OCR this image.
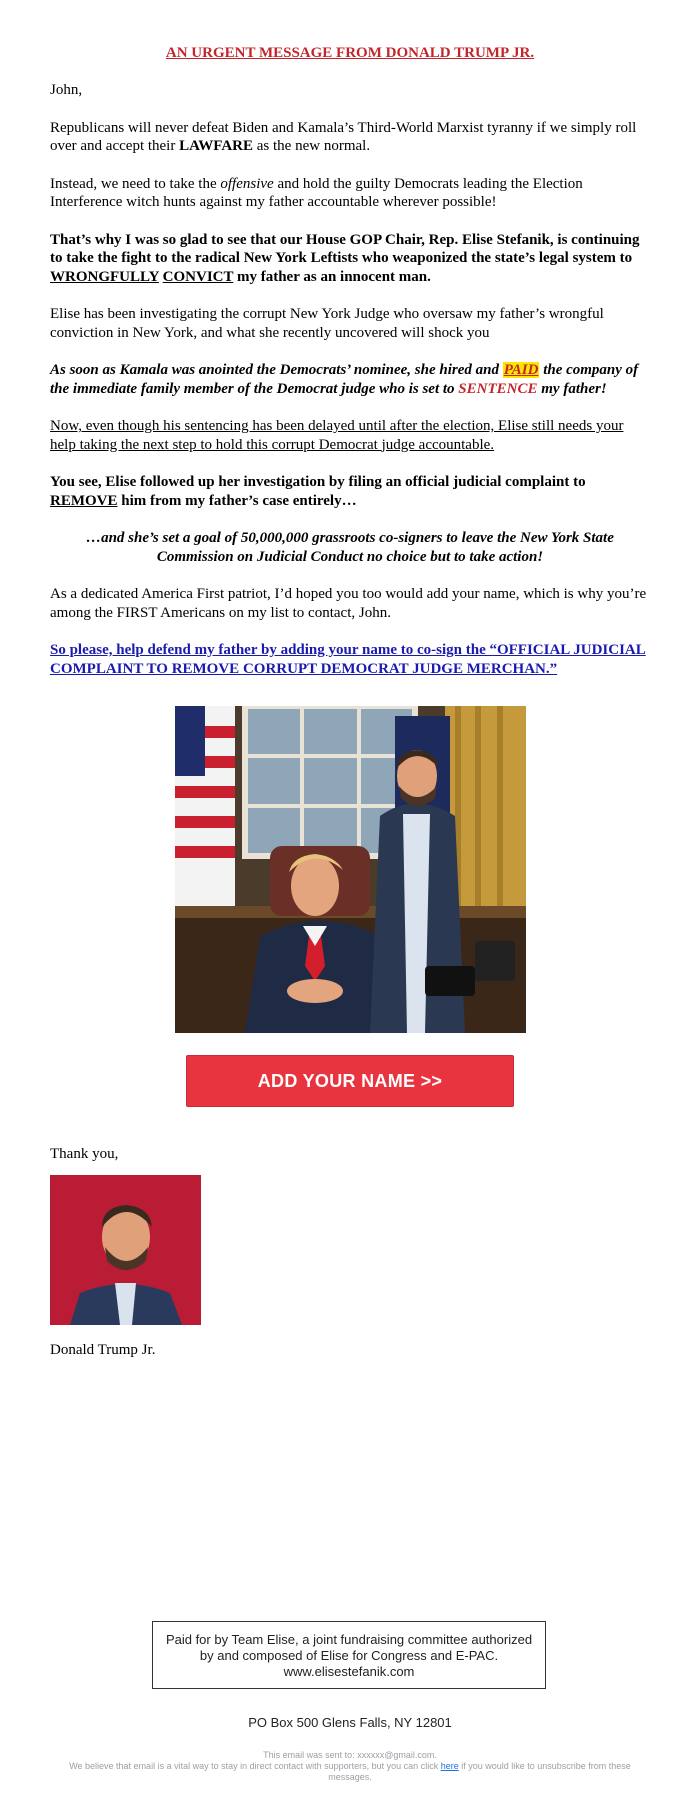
AN URGENT MESSAGE FROM DONALD TRUMP JR.

John,

Republicans will never defeat Biden and Kamala’s Third-World Marxist tyranny if we simply roll over and accept their LAWFARE as the new normal.

Instead, we need to take the offensive and hold the guilty Democrats leading the Election Interference witch hunts against my father accountable wherever possible!

That’s why I was so glad to see that our House GOP Chair, Rep. Elise Stefanik, is continuing to take the fight to the radical New York Leftists who weaponized the state’s legal system to WRONGFULLY CONVICT my father as an innocent man.

Elise has been investigating the corrupt New York Judge who oversaw my father’s wrongful conviction in New York, and what she recently uncovered will shock you

As soon as Kamala was anointed the Democrats’ nominee, she hired and PAID the company of the immediate family member of the Democrat judge who is set to SENTENCE my father!

Now, even though his sentencing has been delayed until after the election, Elise still needs your help taking the next step to hold this corrupt Democrat judge accountable.

You see, Elise followed up her investigation by filing an official judicial complaint to REMOVE him from my father’s case entirely…

…and she’s set a goal of 50,000,000 grassroots co-signers to leave the New York State Commission on Judicial Conduct no choice but to take action!

As a dedicated America First patriot, I’d hoped you too would add your name, which is why you’re among the FIRST Americans on my list to contact, John.

So please, help defend my father by adding your name to co-sign the “OFFICIAL JUDICIAL COMPLAINT TO REMOVE CORRUPT DEMOCRAT JUDGE MERCHAN.”

ADD YOUR NAME >>

Thank you,

Donald Trump Jr.

Paid for by Team Elise, a joint fundraising committee authorized by and composed of Elise for Congress and E-PAC. www.elisestefanik.com
PO Box 500 Glens Falls, NY 12801
This email was sent to: xxxxxx@gmail.com.
We believe that email is a vital way to stay in direct contact with supporters, but you can click here if you would like to unsubscribe from these messages.
